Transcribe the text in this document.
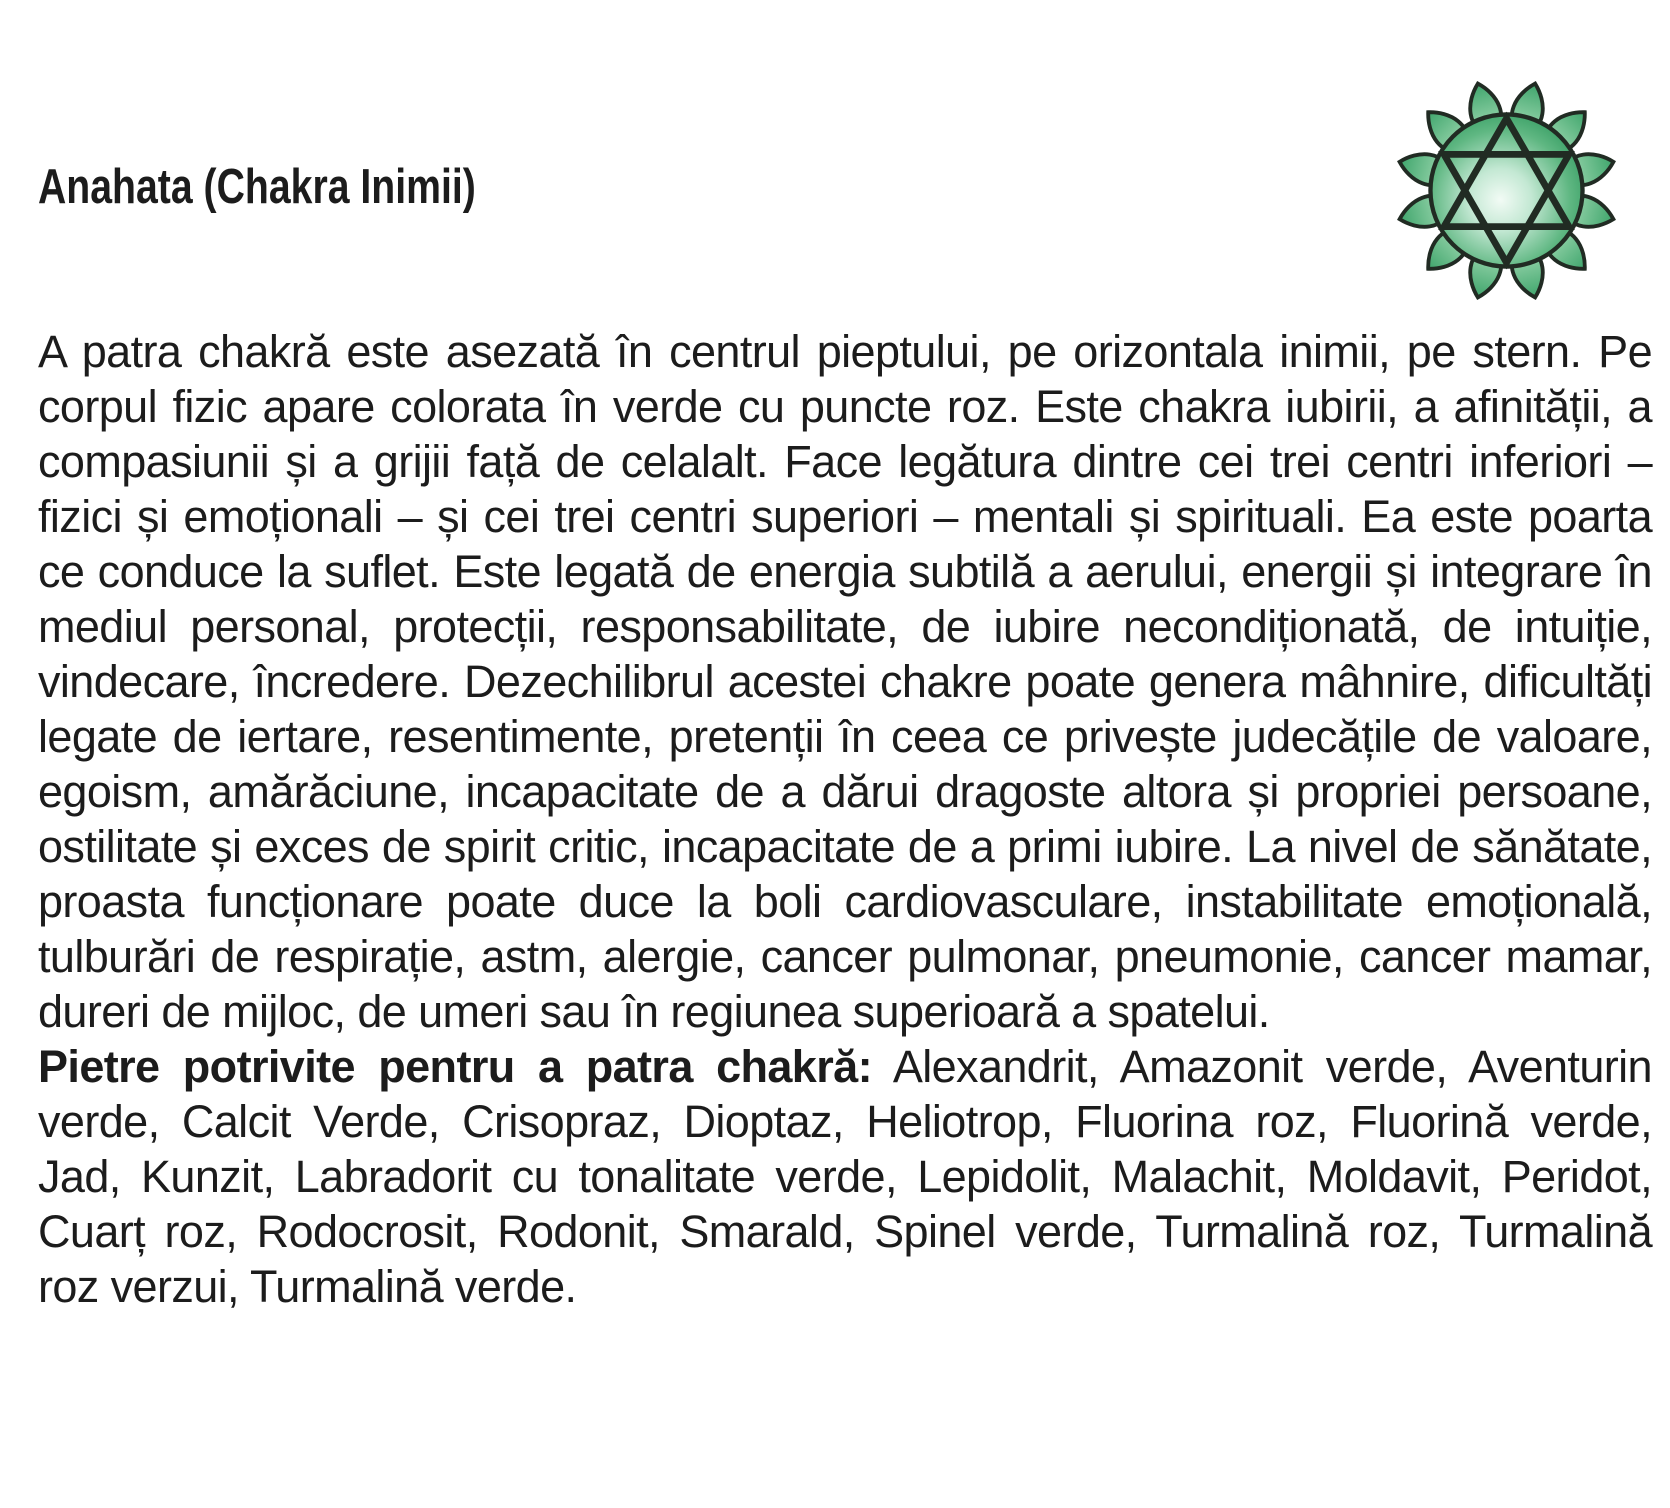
Anahata (Chakra Inimii)

A patra chakră este asezată în centrul pieptului, pe orizontala inimii, pe stern. Pe corpul fizic apare colorata în verde cu puncte roz. Este chakra iubirii, a afinității, a compasiunii și a grijii față de celalalt. Face legătura dintre cei trei centri inferiori – fizici și emoționali – și cei trei centri superiori – mentali și spirituali. Ea este poarta ce conduce la suflet. Este legată de energia subtilă a aerului, energii și integrare în mediul personal, protecții, responsabilitate, de iubire necondiționată, de intuiție, vindecare, încredere. Dezechilibrul acestei chakre poate genera mâhnire, dificultăți legate de iertare, resentimente, pretenții în ceea ce privește judecățile de valoare, egoism, amărăciune, incapacitate de a dărui dragoste altora și propriei persoane, ostilitate și exces de spirit critic, incapacitate de a primi iubire. La nivel de sănătate, proasta funcționare poate duce la boli cardiovasculare, instabilitate emoțională, tulburări de respirație, astm, alergie, cancer pulmonar, pneumonie, cancer mamar, dureri de mijloc, de umeri sau în regiunea superioară a spatelui.

Pietre potrivite pentru a patra chakră: Alexandrit, Amazonit verde, Aventurin verde, Calcit Verde, Crisopraz, Dioptaz, Heliotrop, Fluorina roz, Fluorină verde, Jad, Kunzit, Labradorit cu tonalitate verde, Lepidolit, Malachit, Moldavit, Peridot, Cuarț roz, Rodocrosit, Rodonit, Smarald, Spinel verde, Turmalină roz, Turmalină roz verzui, Turmalină verde.
